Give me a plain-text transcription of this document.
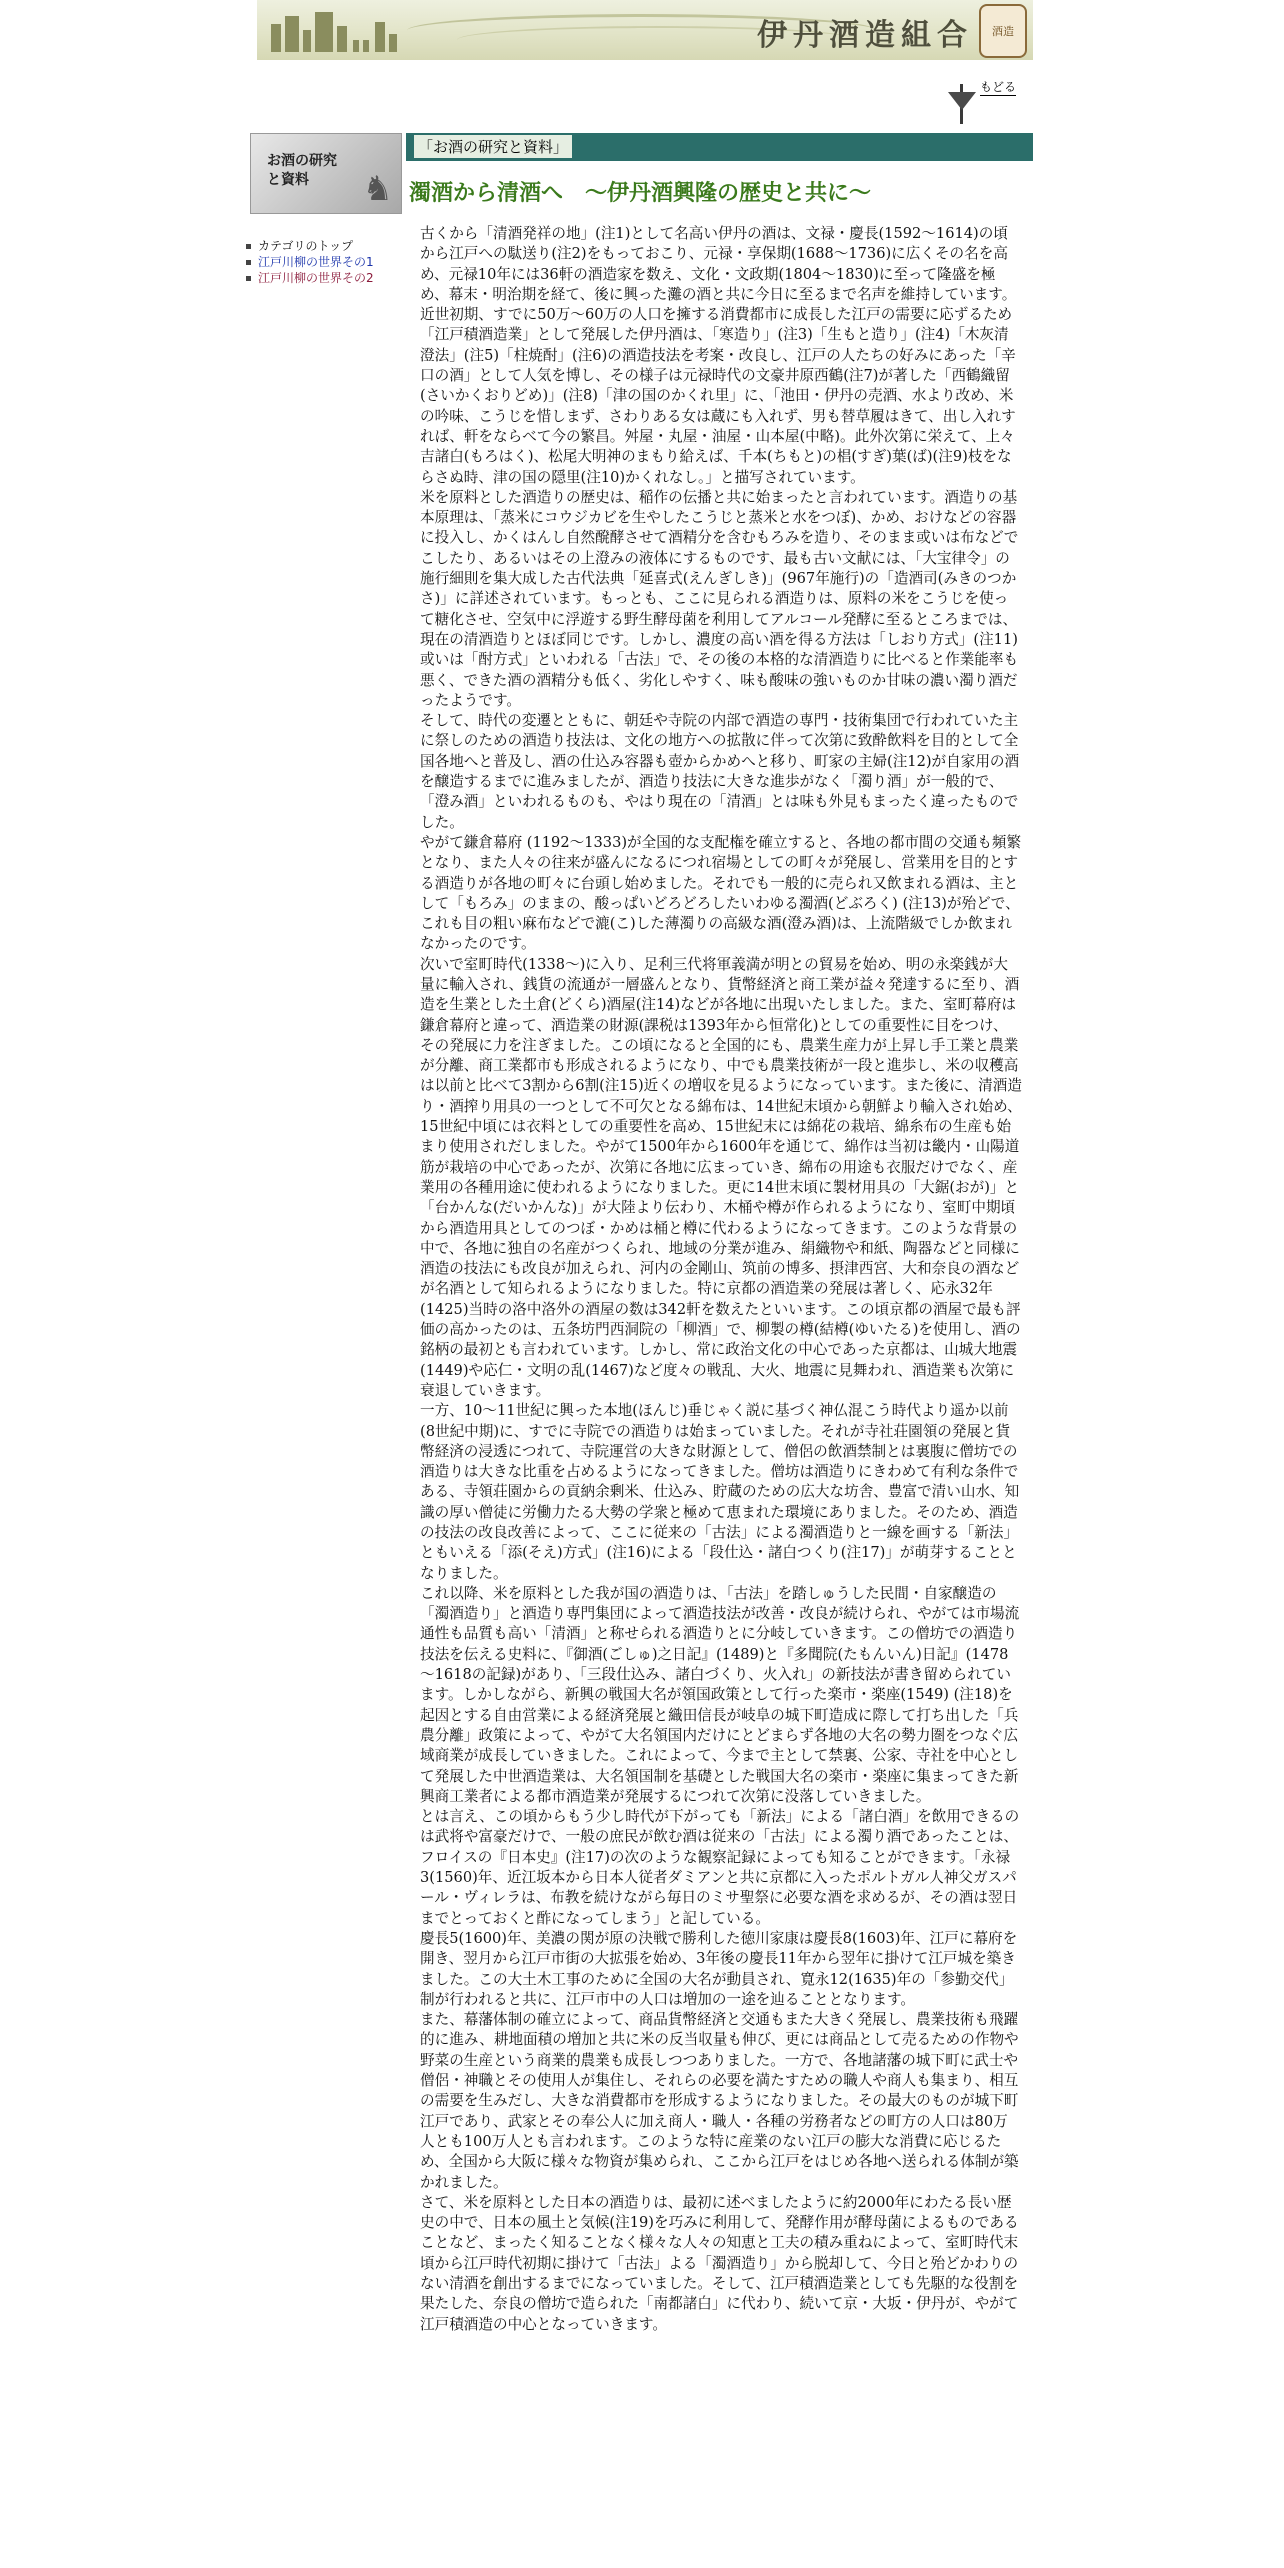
伊丹酒造組合	酒造
もどる
お酒の研究
と資料	♞
カテゴリのトップ
江戸川柳の世界その1
江戸川柳の世界その2
「お酒の研究と資料」
濁酒から清酒へ　～伊丹酒興隆の歴史と共に～

古くから「清酒発祥の地」(注1)として名高い伊丹の酒は、文禄・慶長(1592～1614)の頃から江戸への駄送り(注2)をもっておこり、元禄・享保期(1688～1736)に広くその名を高め、元禄10年には36軒の酒造家を数え、文化・文政期(1804～1830)に至って隆盛を極め、幕末・明治期を経て、後に興った灘の酒と共に今日に至るまで名声を維持しています。

近世初期、すでに50万～60万の人口を擁する消費都市に成長した江戸の需要に応ずるため「江戸積酒造業」として発展した伊丹酒は、「寒造り」(注3)「生もと造り」(注4)「木灰清澄法」(注5)「柱焼酎」(注6)の酒造技法を考案・改良し、江戸の人たちの好みにあった「辛口の酒」として人気を博し、その様子は元禄時代の文豪井原西鶴(注7)が著した「西鶴織留(さいかくおりどめ)」(注8)「津の国のかくれ里」に、「池田・伊丹の売酒、水より改め、米の吟味、こうじを惜しまず、さわりある女は蔵にも入れず、男も替草履はきて、出し入れすれば、軒をならべて今の繁昌。舛屋・丸屋・油屋・山本屋(中略)。此外次第に栄えて、上々吉諸白(もろはく)、松尾大明神のまもり給えば、千本(ちもと)の椙(すぎ)葉(ば)(注9)枝をならさぬ時、津の国の隠里(注10)かくれなし。」と描写されています。

米を原料とした酒造りの歴史は、稲作の伝播と共に始まったと言われています。酒造りの基本原理は、「蒸米にコウジカビを生やしたこうじと蒸米と水をつぼ)、かめ、おけなどの容器に投入し、かくはんし自然醗酵させて酒精分を含むもろみを造り、そのまま或いは布などでこしたり、あるいはその上澄みの液体にするものです、最も古い文献には、「大宝律令」の施行細則を集大成した古代法典「延喜式(えんぎしき)」(967年施行)の「造酒司(みきのつかさ)」に詳述されています。もっとも、ここに見られる酒造りは、原料の米をこうじを使って糖化させ、空気中に浮遊する野生酵母菌を利用してアルコール発酵に至るところまでは、現在の清酒造りとほぼ同じです。しかし、濃度の高い酒を得る方法は「しおり方式」(注11)或いは「酎方式」といわれる「古法」で、その後の本格的な清酒造りに比べると作業能率も悪く、できた酒の酒精分も低く、劣化しやすく、味も酸味の強いものか甘味の濃い濁り酒だったようです。

そして、時代の変遷とともに、朝廷や寺院の内部で酒造の専門・技術集団で行われていた主に祭しのための酒造り技法は、文化の地方への拡散に伴って次第に致酔飲料を目的として全国各地へと普及し、酒の仕込み容器も壺からかめへと移り、町家の主婦(注12)が自家用の酒を醸造するまでに進みましたが、酒造り技法に大きな進歩がなく「濁り酒」が一般的で、「澄み酒」といわれるものも、やはり現在の「清酒」とは味も外見もまったく違ったものでした。

やがて鎌倉幕府 (1192～1333)が全国的な支配権を確立すると、各地の都市間の交通も頻繁となり、また人々の往来が盛んになるにつれ宿場としての町々が発展し、営業用を目的とする酒造りが各地の町々に台頭し始めました。それでも一般的に売られ又飲まれる酒は、主として「もろみ」のままの、酸っぱいどろどろしたいわゆる濁酒(どぶろく) (注13)が殆どで、これも目の粗い麻布などで漉(こ)した薄濁りの高級な酒(澄み酒)は、上流階級でしか飲まれなかったのです。

次いで室町時代(1338～)に入り、足利三代将軍義満が明との貿易を始め、明の永楽銭が大量に輸入され、銭貨の流通が一層盛んとなり、貨幣経済と商工業が益々発達するに至り、酒造を生業とした土倉(どくら)酒屋(注14)などが各地に出現いたしました。また、室町幕府は鎌倉幕府と違って、酒造業の財源(課税は1393年から恒常化)としての重要性に目をつけ、その発展に力を注ぎました。この頃になると全国的にも、農業生産力が上昇し手工業と農業が分離、商工業都市も形成されるようになり、中でも農業技術が一段と進歩し、米の収穫高は以前と比べて3割から6割(注15)近くの増収を見るようになっています。また後に、清酒造り・酒搾り用具の一つとして不可欠となる綿布は、14世紀末頃から朝鮮より輸入され始め、15世紀中頃には衣料としての重要性を高め、15世紀末には綿花の栽培、綿糸布の生産も始まり使用されだしました。やがて1500年から1600年を通じて、綿作は当初は畿内・山陽道筋が栽培の中心であったが、次第に各地に広まっていき、綿布の用途も衣服だけでなく、産業用の各種用途に使われるようになりました。更に14世末頃に製材用具の「大鋸(おが)」と「台かんな(だいかんな)」が大陸より伝わり、木桶や樽が作られるようになり、室町中期頃から酒造用具としてのつぼ・かめは桶と樽に代わるようになってきます。このような背景の中で、各地に独自の名産がつくられ、地域の分業が進み、絹織物や和紙、陶器などと同様に酒造の技法にも改良が加えられ、河内の金剛山、筑前の博多、摂津西宮、大和奈良の酒などが名酒として知られるようになりました。特に京都の酒造業の発展は著しく、応永32年(1425)当時の洛中洛外の酒屋の数は342軒を数えたといいます。この頃京都の酒屋で最も評価の高かったのは、五条坊門西洞院の「柳酒」で、柳製の樽(結樽(ゆいたる)を使用し、酒の銘柄の最初とも言われています。しかし、常に政治文化の中心であった京都は、山城大地震(1449)や応仁・文明の乱(1467)など度々の戦乱、大火、地震に見舞われ、酒造業も次第に衰退していきます。

一方、10～11世紀に興った本地(ほんじ)垂じゃく説に基づく神仏混こう時代より遥か以前(8世紀中期)に、すでに寺院での酒造りは始まっていました。それが寺社荘園領の発展と貨幣経済の浸透につれて、寺院運営の大きな財源として、僧侶の飲酒禁制とは裏腹に僧坊での酒造りは大きな比重を占めるようになってきました。僧坊は酒造りにきわめて有利な条件である、寺領荘園からの貢納余剰米、仕込み、貯蔵のための広大な坊舎、豊富で清い山水、知識の厚い僧徒に労働力たる大勢の学衆と極めて恵まれた環境にありました。そのため、酒造の技法の改良改善によって、ここに従来の「古法」による濁酒造りと一線を画する「新法」ともいえる「添(そえ)方式」(注16)による「段仕込・諸白つくり(注17)」が萌芽することとなりました。

これ以降、米を原料とした我が国の酒造りは、「古法」を踏しゅうした民間・自家醸造の「濁酒造り」と酒造り専門集団によって酒造技法が改善・改良が続けられ、やがては市場流通性も品質も高い「清酒」と称せられる酒造りとに分岐していきます。この僧坊での酒造り技法を伝える史料に、『御酒(ごしゅ)之日記』(1489)と『多聞院(たもんいん)日記』(1478～1618の記録)があり、「三段仕込み、諸白づくり、火入れ」の新技法が書き留められています。しかしながら、新興の戦国大名が領国政策として行った楽市・楽座(1549) (注18)を起因とする自由営業による経済発展と織田信長が岐阜の城下町造成に際して打ち出した「兵農分離」政策によって、やがて大名領国内だけにとどまらず各地の大名の勢力圏をつなぐ広域商業が成長していきました。これによって、今まで主として禁裏、公家、寺社を中心として発展した中世酒造業は、大名領国制を基礎とした戦国大名の楽市・楽座に集まってきた新興商工業者による都市酒造業が発展するにつれて次第に没落していきました。

とは言え、この頃からもう少し時代が下がっても「新法」による「諸白酒」を飲用できるのは武将や富豪だけで、一般の庶民が飲む酒は従来の「古法」による濁り酒であったことは、フロイスの『日本史』(注17)の次のような観察記録によっても知ることができます。「永禄3(1560)年、近江坂本から日本人従者ダミアンと共に京都に入ったポルトガル人神父ガスパール・ヴィレラは、布教を続けながら毎日のミサ聖祭に必要な酒を求めるが、その酒は翌日までとっておくと酢になってしまう」と記している。

慶長5(1600)年、美濃の関が原の決戦で勝利した徳川家康は慶長8(1603)年、江戸に幕府を開き、翌月から江戸市街の大拡張を始め、3年後の慶長11年から翌年に掛けて江戸城を築きました。この大土木工事のために全国の大名が動員され、寛永12(1635)年の「参勤交代」制が行われると共に、江戸市中の人口は増加の一途を辿ることとなります。

また、幕藩体制の確立によって、商品貨幣経済と交通もまた大きく発展し、農業技術も飛躍的に進み、耕地面積の増加と共に米の反当収量も伸び、更には商品として売るための作物や野菜の生産という商業的農業も成長しつつありました。一方で、各地諸藩の城下町に武士や僧侶・神職とその使用人が集住し、それらの必要を満たすための職人や商人も集まり、相互の需要を生みだし、大きな消費都市を形成するようになりました。その最大のものが城下町江戸であり、武家とその奉公人に加え商人・職人・各種の労務者などの町方の人口は80万人とも100万人とも言われます。このような特に産業のない江戸の膨大な消費に応じるため、全国から大阪に様々な物資が集められ、ここから江戸をはじめ各地へ送られる体制が築かれました。

さて、米を原料とした日本の酒造りは、最初に述べましたように約2000年にわたる長い歴史の中で、日本の風土と気候(注19)を巧みに利用して、発酵作用が酵母菌によるものであることなど、まったく知ることなく様々な人々の知恵と工夫の積み重ねによって、室町時代末頃から江戸時代初期に掛けて「古法」よる「濁酒造り」から脱却して、今日と殆どかわりのない清酒を創出するまでになっていました。そして、江戸積酒造業としても先駆的な役割を果たした、奈良の僧坊で造られた「南都諸白」に代わり、続いて京・大坂・伊丹が、やがて江戸積酒造の中心となっていきます。
